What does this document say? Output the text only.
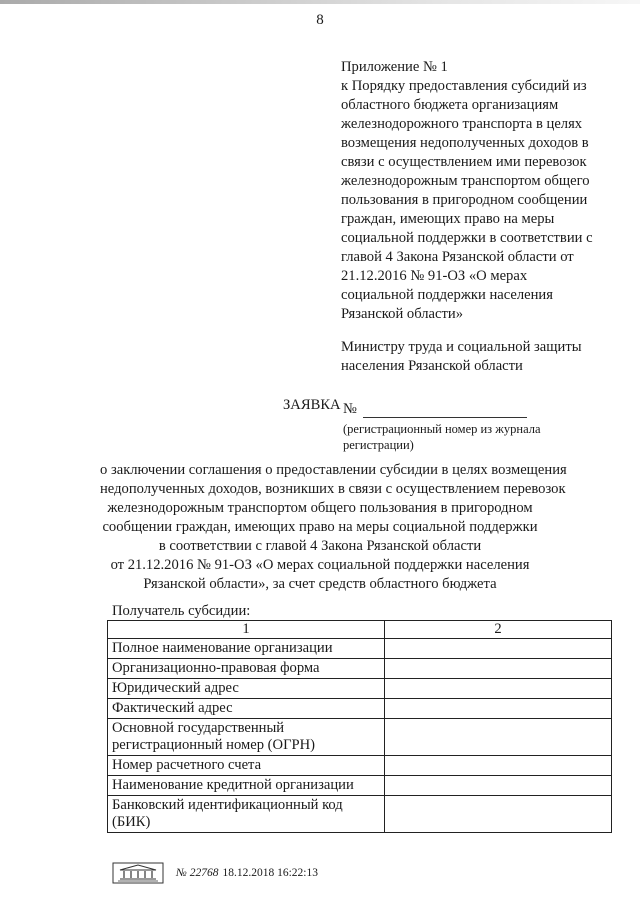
8
Приложение № 1
к Порядку предоставления субсидий из
областного бюджета организациям
железнодорожного транспорта в целях
возмещения недополученных доходов в
связи с осуществлением ими перевозок
железнодорожным транспортом общего
пользования в пригородном сообщении
граждан, имеющих право на меры
социальной поддержки в соответствии с
главой 4 Закона Рязанской области от
21.12.2016 № 91-ОЗ «О мерах
социальной поддержки населения
Рязанской области»
Министру труда и социальной защиты
населения Рязанской области
ЗАЯВКА №
(регистрационный номер из журнала
регистрации)
о заключении соглашения о предоставлении субсидии в целях возмещения
недополученных доходов, возникших в связи с осуществлением перевозок
железнодорожным транспортом общего пользования в пригородном
сообщении граждан, имеющих право на меры социальной поддержки
в соответствии с главой 4 Закона Рязанской области
от 21.12.2016 № 91-ОЗ «О мерах социальной поддержки населения
Рязанской области», за счет средств областного бюджета
Получатель субсидии:
1	2
Полное наименование организации	
Организационно-правовая форма	
Юридический адрес	
Фактический адрес	
Основной государственный регистрационный номер (ОГРН)	
Номер расчетного счета	
Наименование кредитной организации	
Банковский идентификационный код (БИК)	
№ 22768 18.12.2018 16:22:13
